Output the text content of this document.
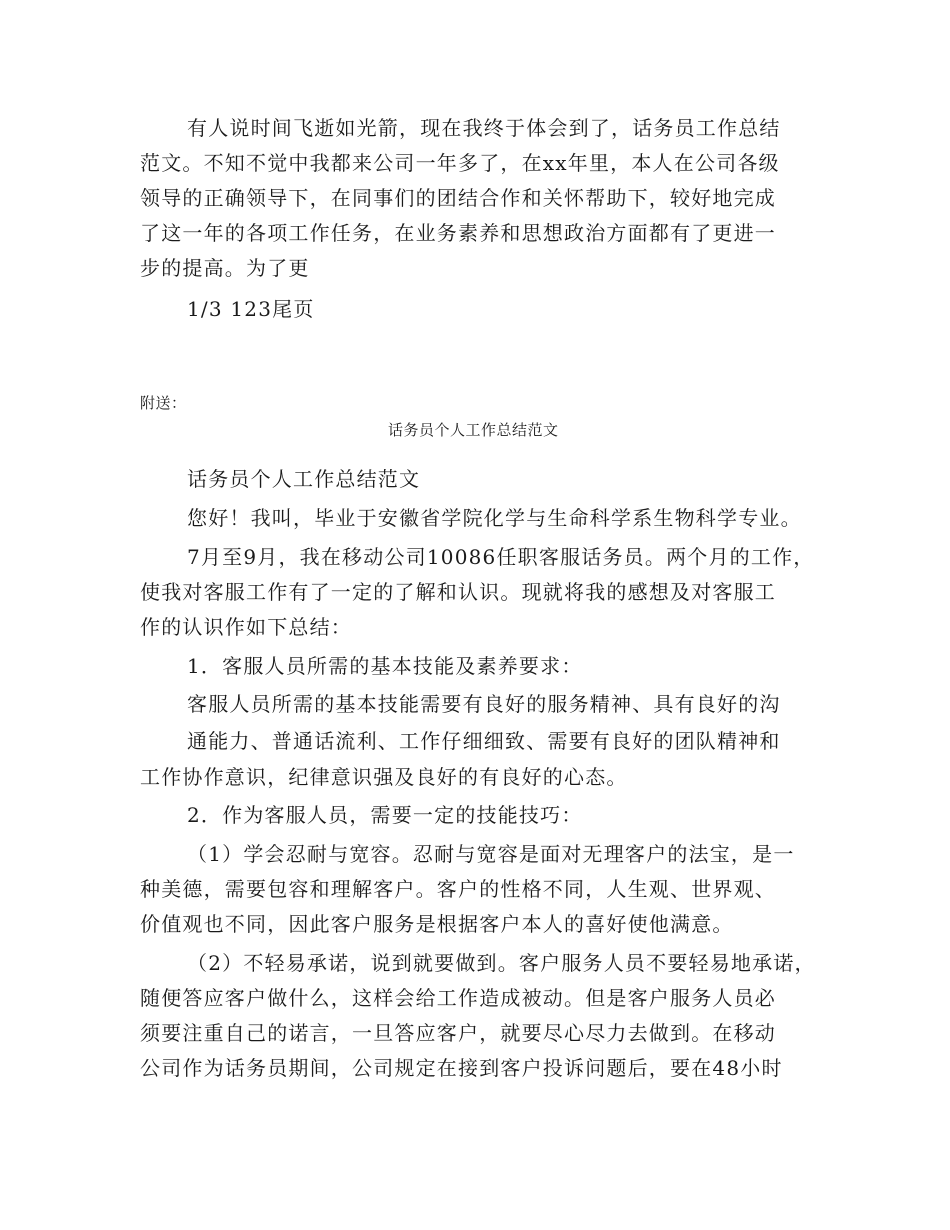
有人说时间飞逝如光箭，现在我终于体会到了，话务员工作总结
范文。不知不觉中我都来公司一年多了，在xx年里，本人在公司各级
领导的正确领导下，在同事们的团结合作和关怀帮助下，较好地完成
了这一年的各项工作任务，在业务素养和思想政治方面都有了更进一
步的提高。为了更
1/3 123尾页
附送：
话务员个人工作总结范文
话务员个人工作总结范文
您好！我叫，毕业于安徽省学院化学与生命科学系生物科学专业。
7月至9月，我在移动公司10086任职客服话务员。两个月的工作，
使我对客服工作有了一定的了解和认识。现就将我的感想及对客服工
作的认识作如下总结：
1．客服人员所需的基本技能及素养要求：
客服人员所需的基本技能需要有良好的服务精神、具有良好的沟
通能力、普通话流利、工作仔细细致、需要有良好的团队精神和
工作协作意识，纪律意识强及良好的有良好的心态。
2．作为客服人员，需要一定的技能技巧：
（1）学会忍耐与宽容。忍耐与宽容是面对无理客户的法宝，是一
种美德，需要包容和理解客户。客户的性格不同，人生观、世界观、
价值观也不同，因此客户服务是根据客户本人的喜好使他满意。
（2）不轻易承诺，说到就要做到。客户服务人员不要轻易地承诺，
随便答应客户做什么，这样会给工作造成被动。但是客户服务人员必
须要注重自己的诺言，一旦答应客户，就要尽心尽力去做到。在移动
公司作为话务员期间，公司规定在接到客户投诉问题后，要在48小时
